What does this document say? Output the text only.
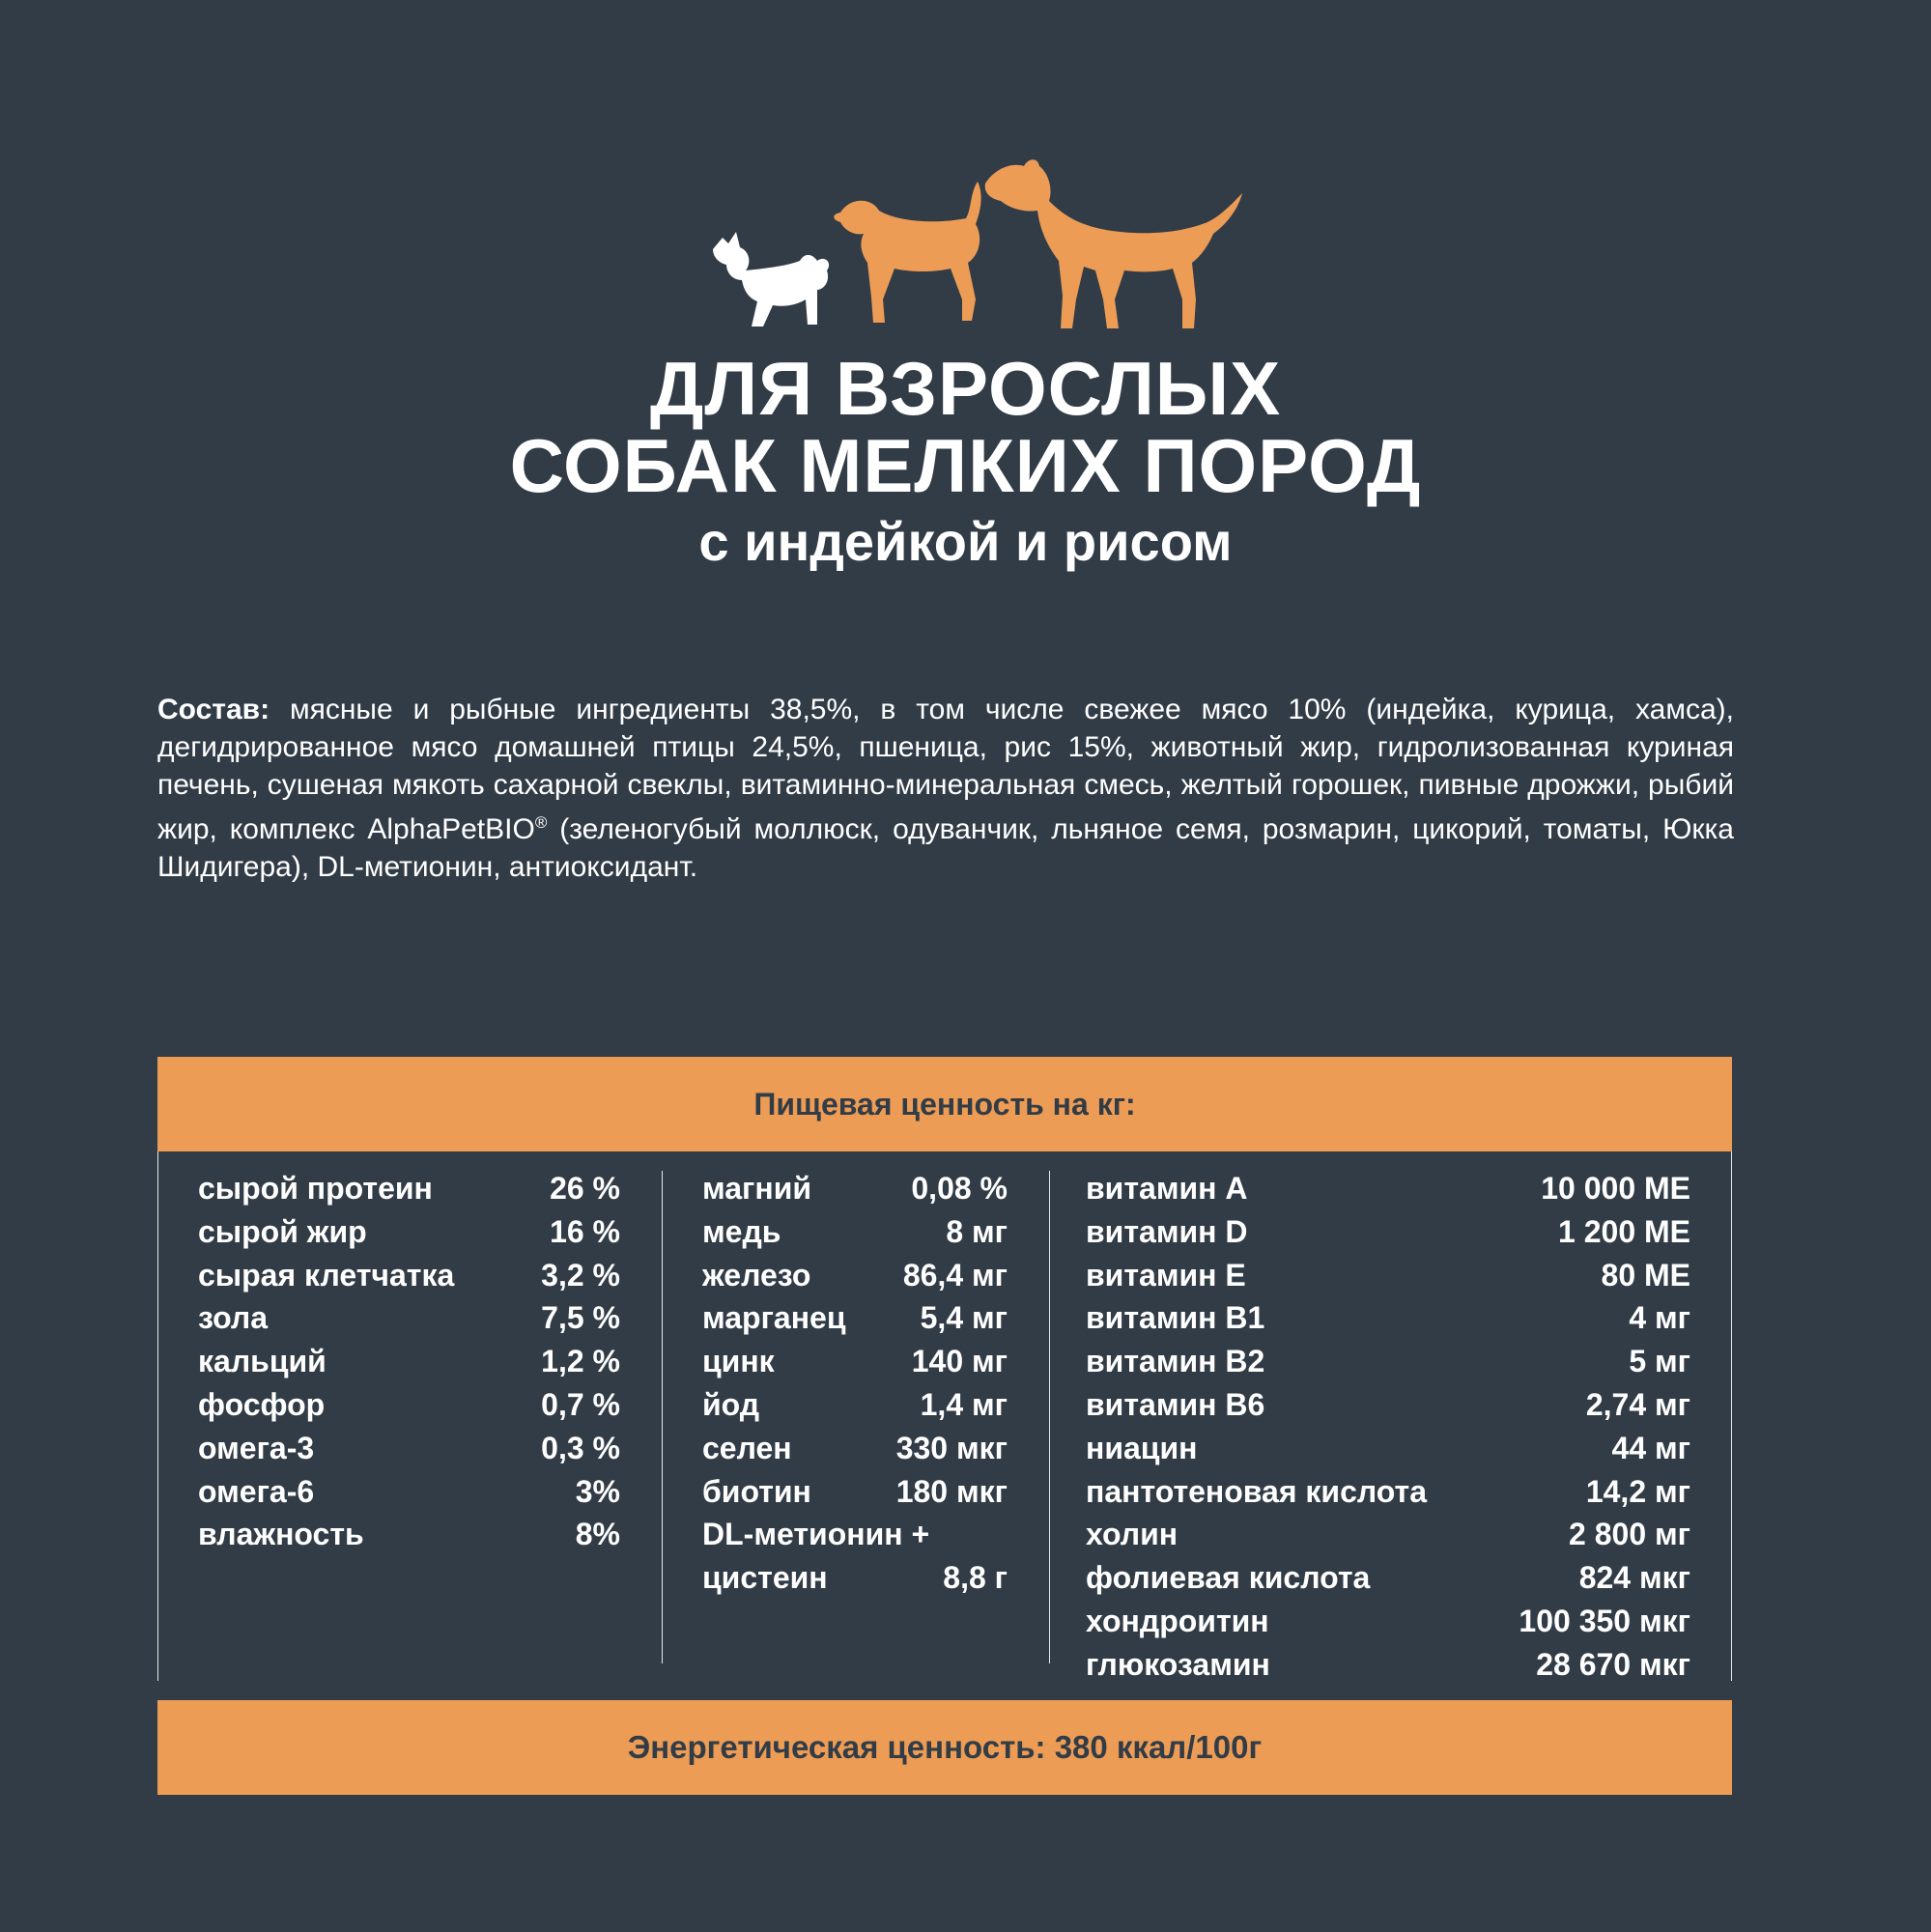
ДЛЯ ВЗРОСЛЫХ
СОБАК МЕЛКИХ ПОРОД
с индейкой и рисом
Состав: мясные и рыбные ингредиенты 38,5%, в том числе свежее мясо 10% (индейка, курица, хамса), дегидрированное мясо домашней птицы 24,5%, пшеница, рис 15%, животный жир, гидролизованная куриная печень, сушеная мякоть сахарной свеклы, витаминно-минеральная смесь, желтый горошек, пивные дрожжи, рыбий жир, комплекс AlphaPetBIO® (зеленогубый моллюск, одуванчик, льняное семя, розмарин, цикорий, томаты, Юкка Шидигера), DL-метионин, антиоксидант.
Пищевая ценность на кг:
сырой протеин	26 %
сырой жир	16 %
сырая клетчатка	3,2 %
зола	7,5 %
кальций	1,2 %
фосфор	0,7 %
омега-3	0,3 %
омега-6	3%
влажность	8%
магний	0,08 %
медь	8 мг
железо	86,4 мг
марганец 5,4 мг
цинк	140 мг
йод	1,4 мг
селен	330 мкг
биотин	180 мкг
DL-метионин +
цистеин	8,8 г
витамин А	10 000 МЕ
витамин D	1 200 МЕ
витамин E	80 МЕ
витамин B1	4 мг
витамин B2	5 мг
витамин B6	2,74 мг
ниацин	44 мг
пантотеновая кислота	14,2 мг
холин	2 800 мг
фолиевая кислота	824 мкг
хондроитин	100 350 мкг
глюкозамин	28 670 мкг
Энергетическая ценность: 380 ккал/100г
